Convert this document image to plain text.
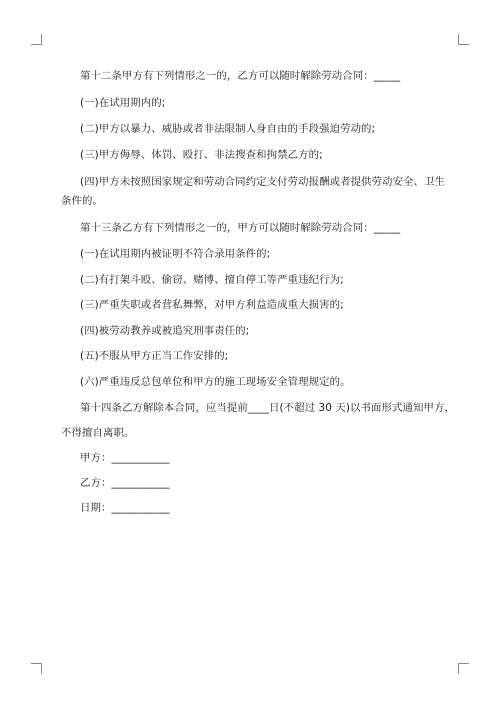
第十二条甲方有下列情形之一的，乙方可以随时解除劳动合同：_____
(一)在试用期内的;
(二)甲方以暴力、威胁或者非法限制人身自由的手段强迫劳动的;
(三)甲方侮辱、体罚、殴打、非法搜查和拘禁乙方的;
(四)甲方未按照国家规定和劳动合同约定支付劳动报酬或者提供劳动安全、卫生
条件的。
第十三条乙方有下列情形之一的，甲方可以随时解除劳动合同：_____
(一)在试用期内被证明不符合录用条件的;
(二)有打架斗殴、偷窃、赌博、擅自停工等严重违纪行为;
(三)严重失职或者营私舞弊，对甲方利益造成重大损害的;
(四)被劳动教养或被追究刑事责任的;
(五)不服从甲方正当工作安排的;
(六)严重违反总包单位和甲方的施工现场安全管理规定的。
第十四条乙方解除本合同，应当提前____日(不超过 30 天)以书面形式通知甲方，
不得擅自离职。
甲方：___________
乙方：___________
日期：___________
